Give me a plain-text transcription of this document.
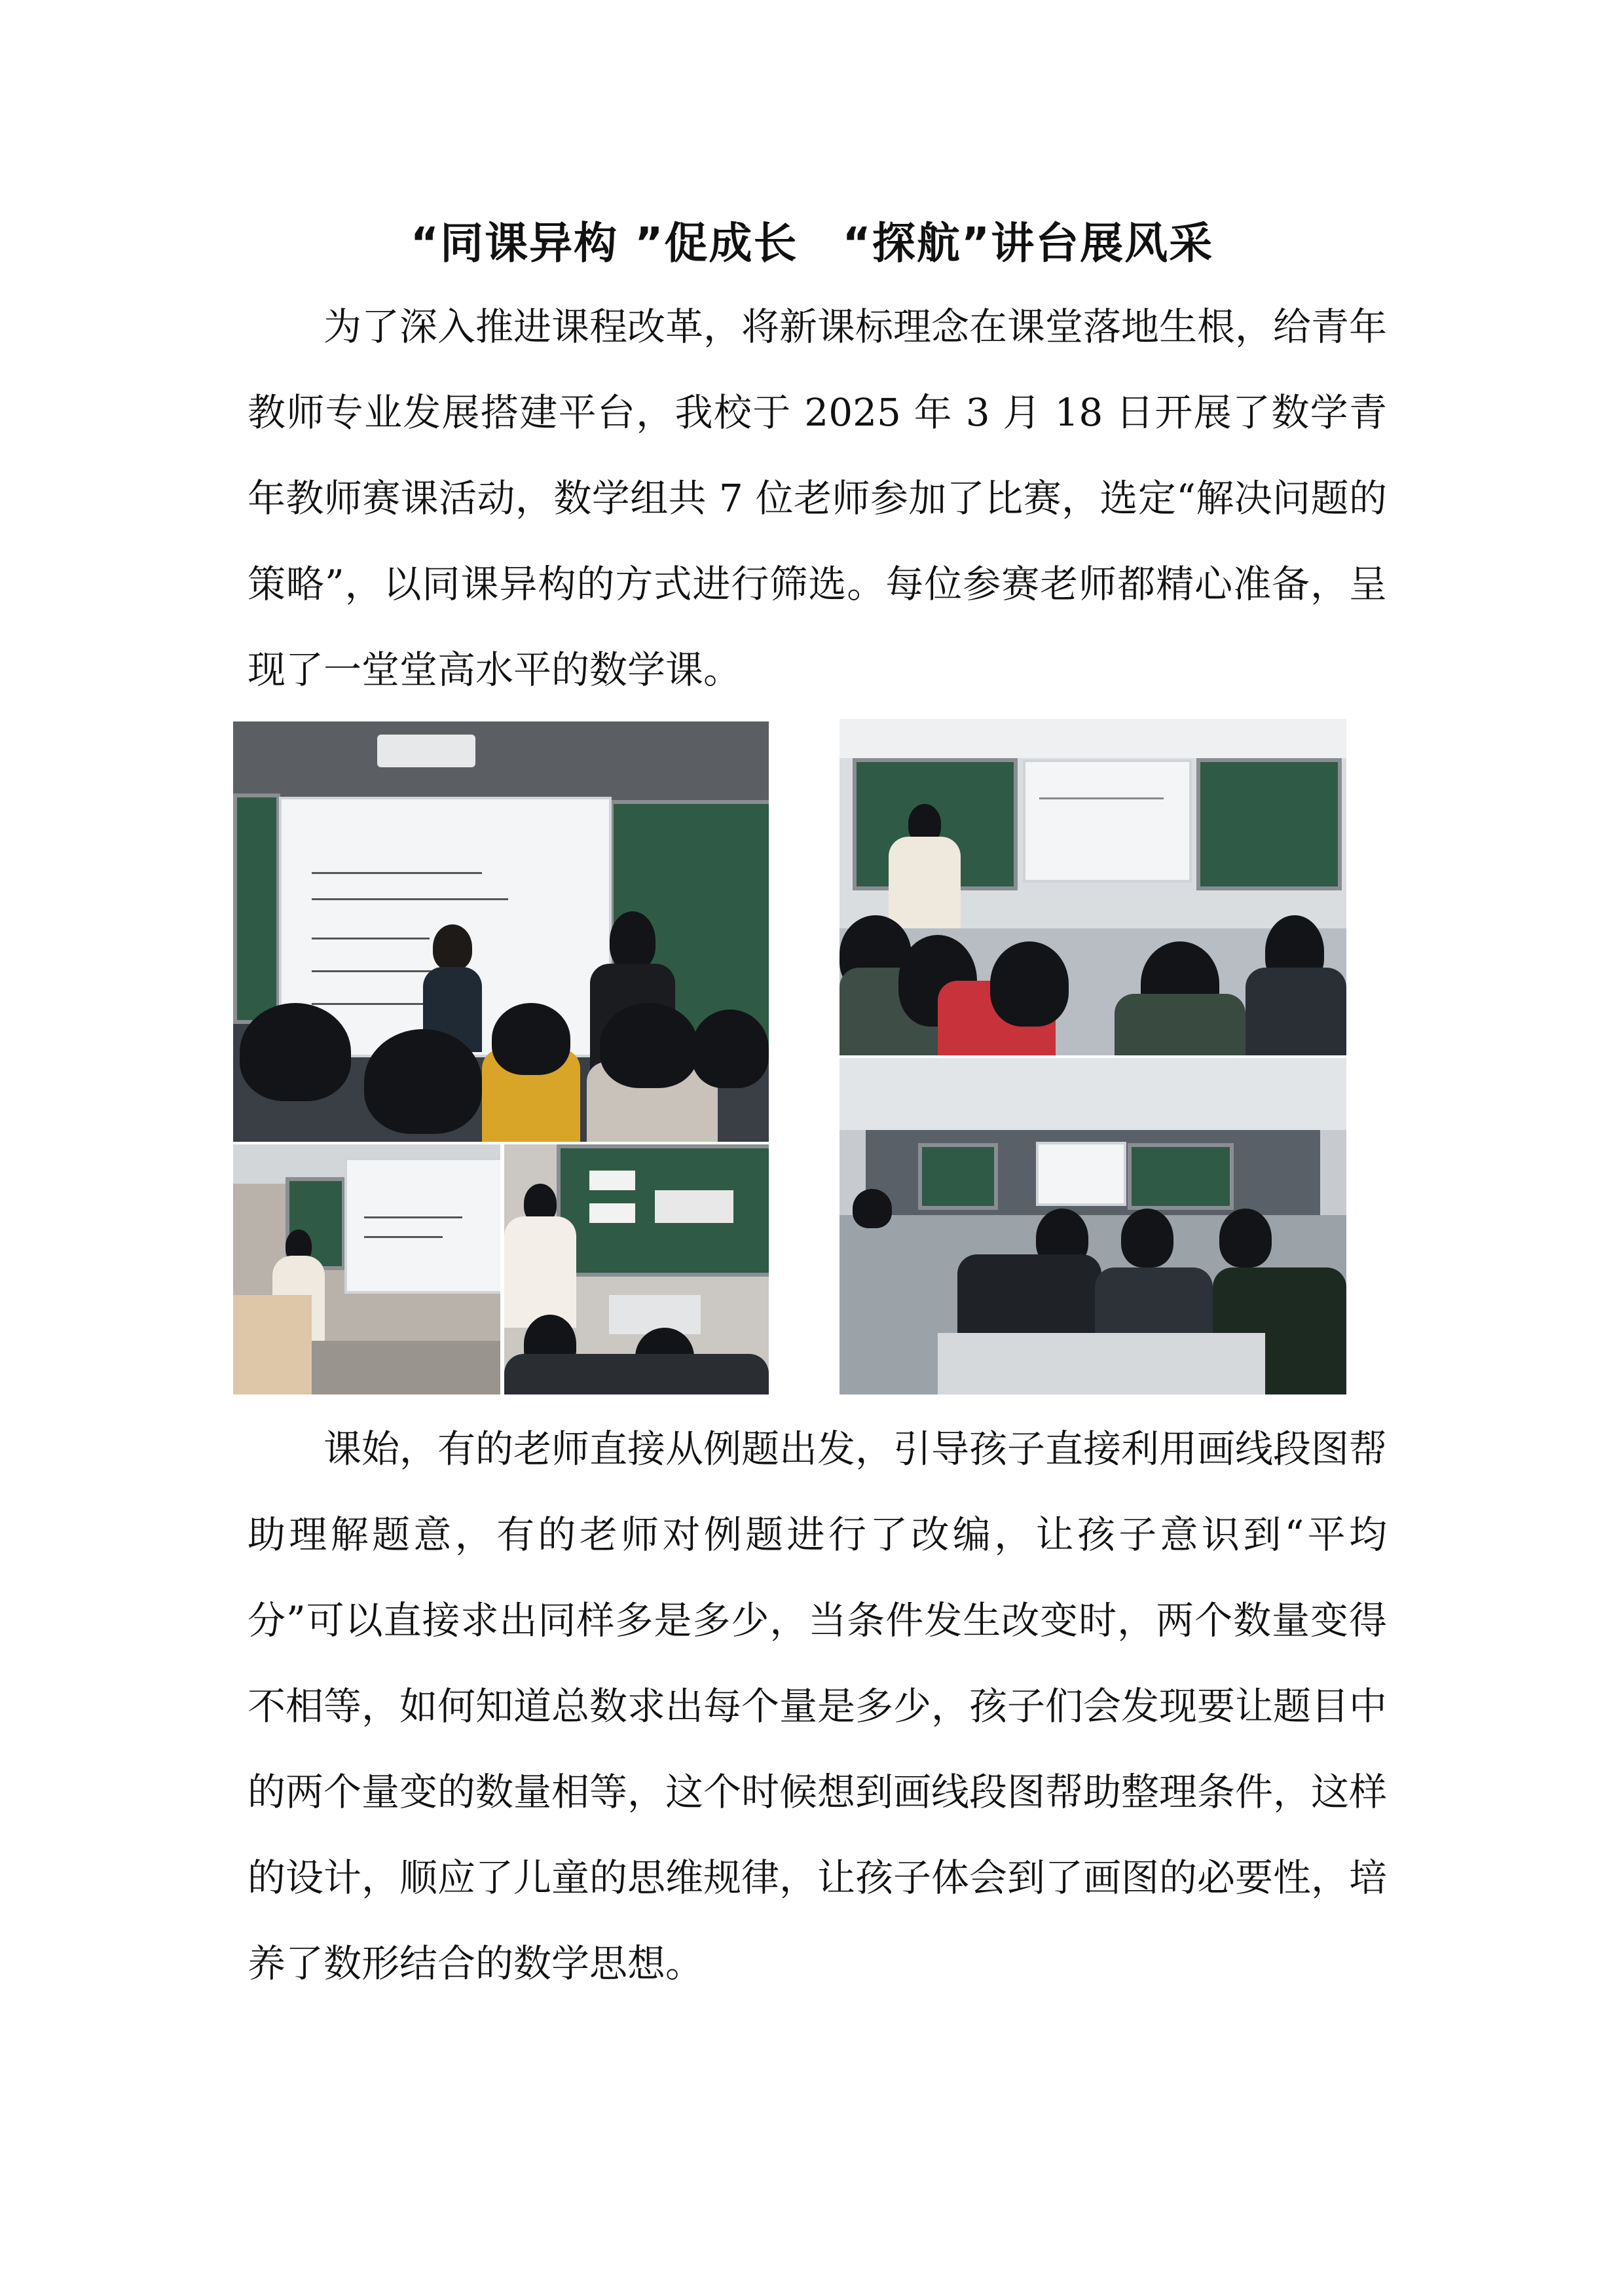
“同课异构 ”促成长　“探航”讲台展风采
为了深入推进课程改革，将新课标理念在课堂落地生根，给青年教师专业发展搭建平台，我校于 2025 年 3 月 18 日开展了数学青年教师赛课活动，数学组共 7 位老师参加了比赛，选定“解决问题的策略”，以同课异构的方式进行筛选。每位参赛老师都精心准备，呈现了一堂堂高水平的数学课。
课始，有的老师直接从例题出发，引导孩子直接利用画线段图帮助理解题意，有的老师对例题进行了改编，让孩子意识到“平均分”可以直接求出同样多是多少，当条件发生改变时，两个数量变得不相等，如何知道总数求出每个量是多少，孩子们会发现要让题目中的两个量变的数量相等，这个时候想到画线段图帮助整理条件，这样的设计，顺应了儿童的思维规律，让孩子体会到了画图的必要性，培养了数形结合的数学思想。
